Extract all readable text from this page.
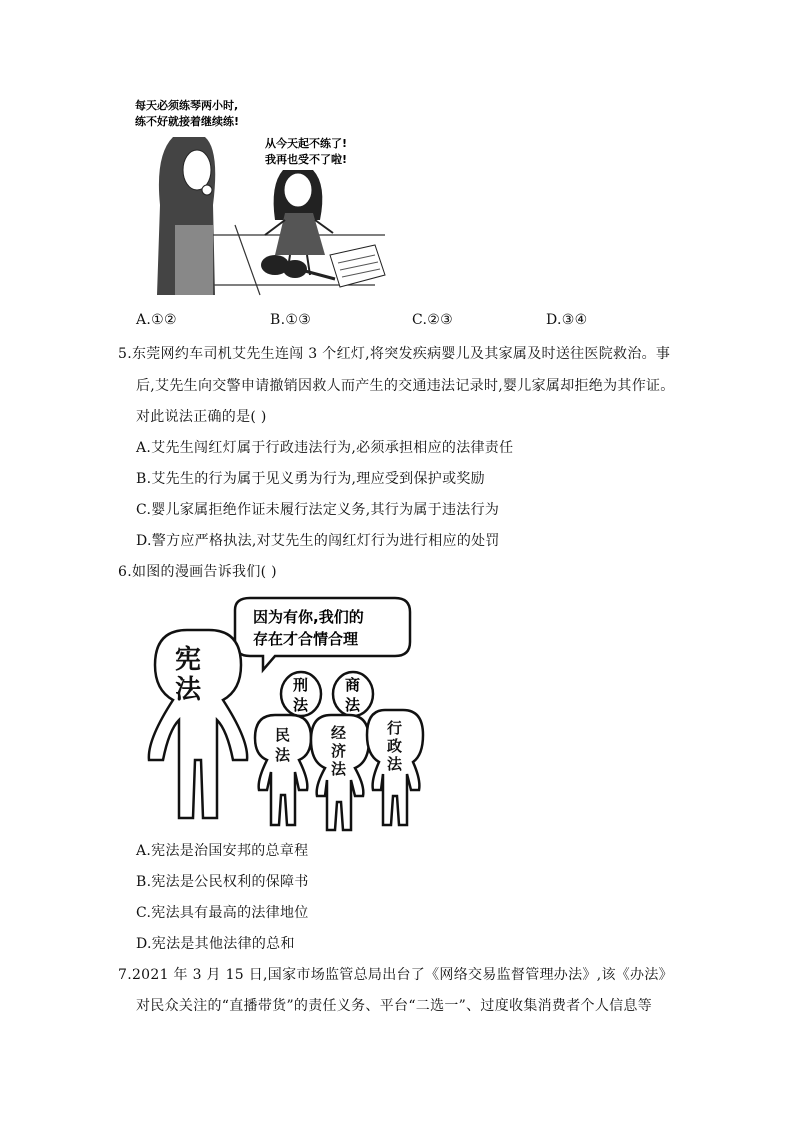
每天必须练琴两小时,
练不好就接着继续练!
从今天起不练了!
我再也受不了啦!
A.①②	B.①③	C.②③	D.③④
5.东莞网约车司机艾先生连闯 3 个红灯,将突发疾病婴儿及其家属及时送往医院救治。事
后,艾先生向交警申请撤销因救人而产生的交通违法记录时,婴儿家属却拒绝为其作证。
对此说法正确的是( )
A.艾先生闯红灯属于行政违法行为,必须承担相应的法律责任
B.艾先生的行为属于见义勇为行为,理应受到保护或奖励
C.婴儿家属拒绝作证未履行法定义务,其行为属于违法行为
D.警方应严格执法,对艾先生的闯红灯行为进行相应的处罚
6.如图的漫画告诉我们( )
因为有你,我们的
存在才合情合理
宪
法	刑
法
商
法
民
法
经
济
法
行
政
法
A.宪法是治国安邦的总章程
B.宪法是公民权利的保障书
C.宪法具有最高的法律地位
D.宪法是其他法律的总和
7.2021 年 3 月 15 日,国家市场监管总局出台了《网络交易监督管理办法》,该《办法》
对民众关注的“直播带货”的责任义务、平台“二选一”、过度收集消费者个人信息等
